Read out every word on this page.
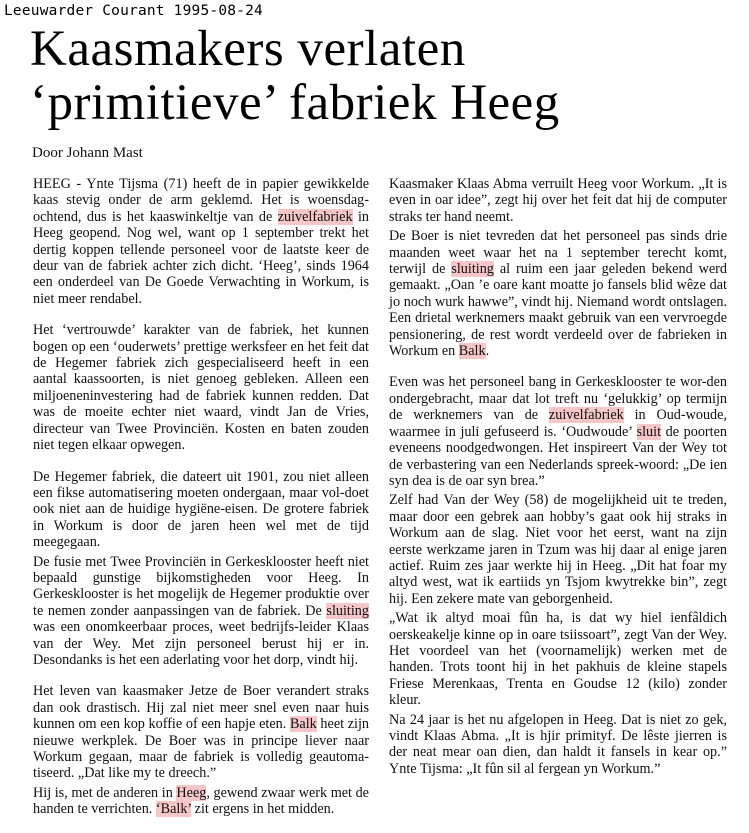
Leeuwarder Courant 1995-08-24
Kaasmakers verlaten
‘primitieve’ fabriek Heeg
Door Johann Mast

HEEG - Ynte Tijsma (71) heeft de in papier gewikkelde kaas stevig onder de arm geklemd. Het is woensdag-ochtend, dus is het kaaswinkeltje van de zuivelfabriek in Heeg geopend. Nog wel, want op 1 september trekt het dertig koppen tellende personeel voor de laatste keer de deur van de fabriek achter zich dicht. ‘Heeg’, sinds 1964 een onderdeel van De Goede Verwachting in Workum, is niet meer rendabel.

Het ‘vertrouwde’ karakter van de fabriek, het kunnen bogen op een ‘ouderwets’ prettige werksfeer en het feit dat de Hegemer fabriek zich gespecialiseerd heeft in een aantal kaassoorten, is niet genoeg gebleken. Alleen een miljoeneninvestering had de fabriek kunnen redden. Dat was de moeite echter niet waard, vindt Jan de Vries, directeur van Twee Provinciën. Kosten en baten zouden niet tegen elkaar opwegen.

De Hegemer fabriek, die dateert uit 1901, zou niet alleen een fikse automatisering moeten ondergaan, maar vol-doet ook niet aan de huidige hygiëne-eisen. De grotere fabriek in Workum is door de jaren heen wel met de tijd meegegaan.

De fusie met Twee Provinciën in Gerkesklooster heeft niet bepaald gunstige bijkomstigheden voor Heeg. In Gerkesklooster is het mogelijk de Hegemer produktie over te nemen zonder aanpassingen van de fabriek. De sluiting was een onomkeerbaar proces, weet bedrijfs-leider Klaas van der Wey. Met zijn personeel berust hij er in. Desondanks is het een aderlating voor het dorp, vindt hij.

Het leven van kaasmaker Jetze de Boer verandert straks dan ook drastisch. Hij zal niet meer snel even naar huis kunnen om een kop koffie of een hapje eten. Balk heet zijn nieuwe werkplek. De Boer was in principe liever naar Workum gegaan, maar de fabriek is volledig geautoma-tiseerd. „Dat like my te dreech.”

Hij is, met de anderen in Heeg, gewend zwaar werk met de handen te verrichten. ‘Balk’ zit ergens in het midden.

Kaasmaker Klaas Abma verruilt Heeg voor Workum. „It is even in oar idee”, zegt hij over het feit dat hij de computer straks ter hand neemt.

De Boer is niet tevreden dat het personeel pas sinds drie maanden weet waar het na 1 september terecht komt, terwijl de sluiting al ruim een jaar geleden bekend werd gemaakt. „Oan ’e oare kant moatte jo fansels blid wêze dat jo noch wurk hawwe”, vindt hij. Niemand wordt ontslagen. Een drietal werknemers maakt gebruik van een vervroegde pensionering, de rest wordt verdeeld over de fabrieken in Workum en Balk.

Even was het personeel bang in Gerkesklooster te wor-den ondergebracht, maar dat lot treft nu ‘gelukkig’ op termijn de werknemers van de zuivelfabriek in Oud-woude, waarmee in juli gefuseerd is. ‘Oudwoude’ sluit de poorten eveneens noodgedwongen. Het inspireert Van der Wey tot de verbastering van een Nederlands spreek-woord: „De ien syn dea is de oar syn brea.”

Zelf had Van der Wey (58) de mogelijkheid uit te treden, maar door een gebrek aan hobby’s gaat ook hij straks in Workum aan de slag. Niet voor het eerst, want na zijn eerste werkzame jaren in Tzum was hij daar al enige jaren actief. Ruim zes jaar werkte hij in Heeg. „Dit hat foar my altyd west, wat ik eartiids yn Tsjom kwytrekke bin”, zegt hij. Een zekere mate van geborgenheid.

„Wat ik altyd moai fûn ha, is dat wy hiel ienfâldich oerskeakelje kinne op in oare tsiissoart”, zegt Van der Wey. Het voordeel van het (voornamelijk) werken met de handen. Trots toont hij in het pakhuis de kleine stapels Friese Merenkaas, Trenta en Goudse 12 (kilo) zonder kleur.

Na 24 jaar is het nu afgelopen in Heeg. Dat is niet zo gek, vindt Klaas Abma. „It is hjir primityf. De lêste jierren is der neat mear oan dien, dan haldt it fansels in kear op.” Ynte Tijsma: „It fûn sil al fergean yn Workum.”
